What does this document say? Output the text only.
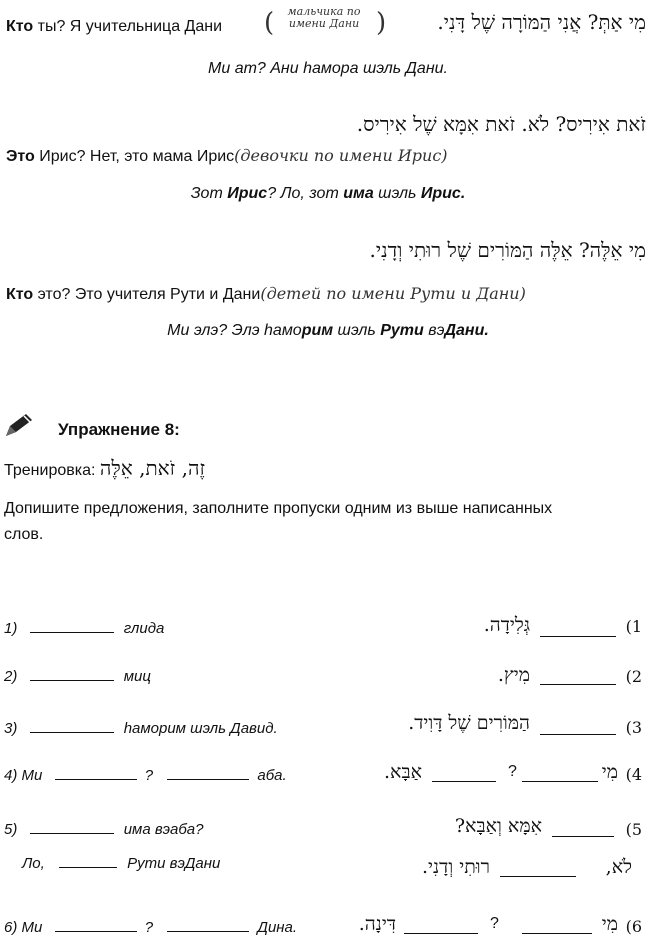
מִי אַתְּ? אֲנִי הַמּוֹרָה שֶׁל דָּנִי.
Кто ты? Я учительница Дани
мальчика по
имени Дани
(	)
Ми ат? Ани hамора шэль Дани.
זֹאת אִירִיס? לֹא. זֹאת אִמָּא שֶׁל אִירִיס.
Это Ирис? Нет, это мама Ирис(девочки по имени Ирис)
Зот Ирис? Ло, зот има шэль Ирис.
מִי אֵלֶּה? אֵלֶּה הַמּוֹרִים שֶׁל רוּתִי וְדָנִי.
Кто это? Это учителя Рути и Дани(детей по имени Рути и Дани)
Ми элэ? Элэ hаморим шэль Рути вэДани.
Упражнение 8:
Тренировка: זֶה, זֹאת, אֵלֶּה
Допишите предложения, заполните пропуски одним из выше написанных
слов.
1)	глида	(1
גְּלִידָה.
2)	миц	(2
מִיץ.
3)	hаморим шэль Давид.	(3
הַמּוֹרִים שֶׁל דָּוִיד.
4) Ми	?	аба.	(4
מִי
?
אַבָּא.
5)	има вэаба?
Ло,	Рути вэДани
(5
אִמָּא וְאַבָּא?
לֹא,
רוּתִי וְדָנִי.
6) Ми	?	Дина.	(6
מִי
?
דִּינָה.
